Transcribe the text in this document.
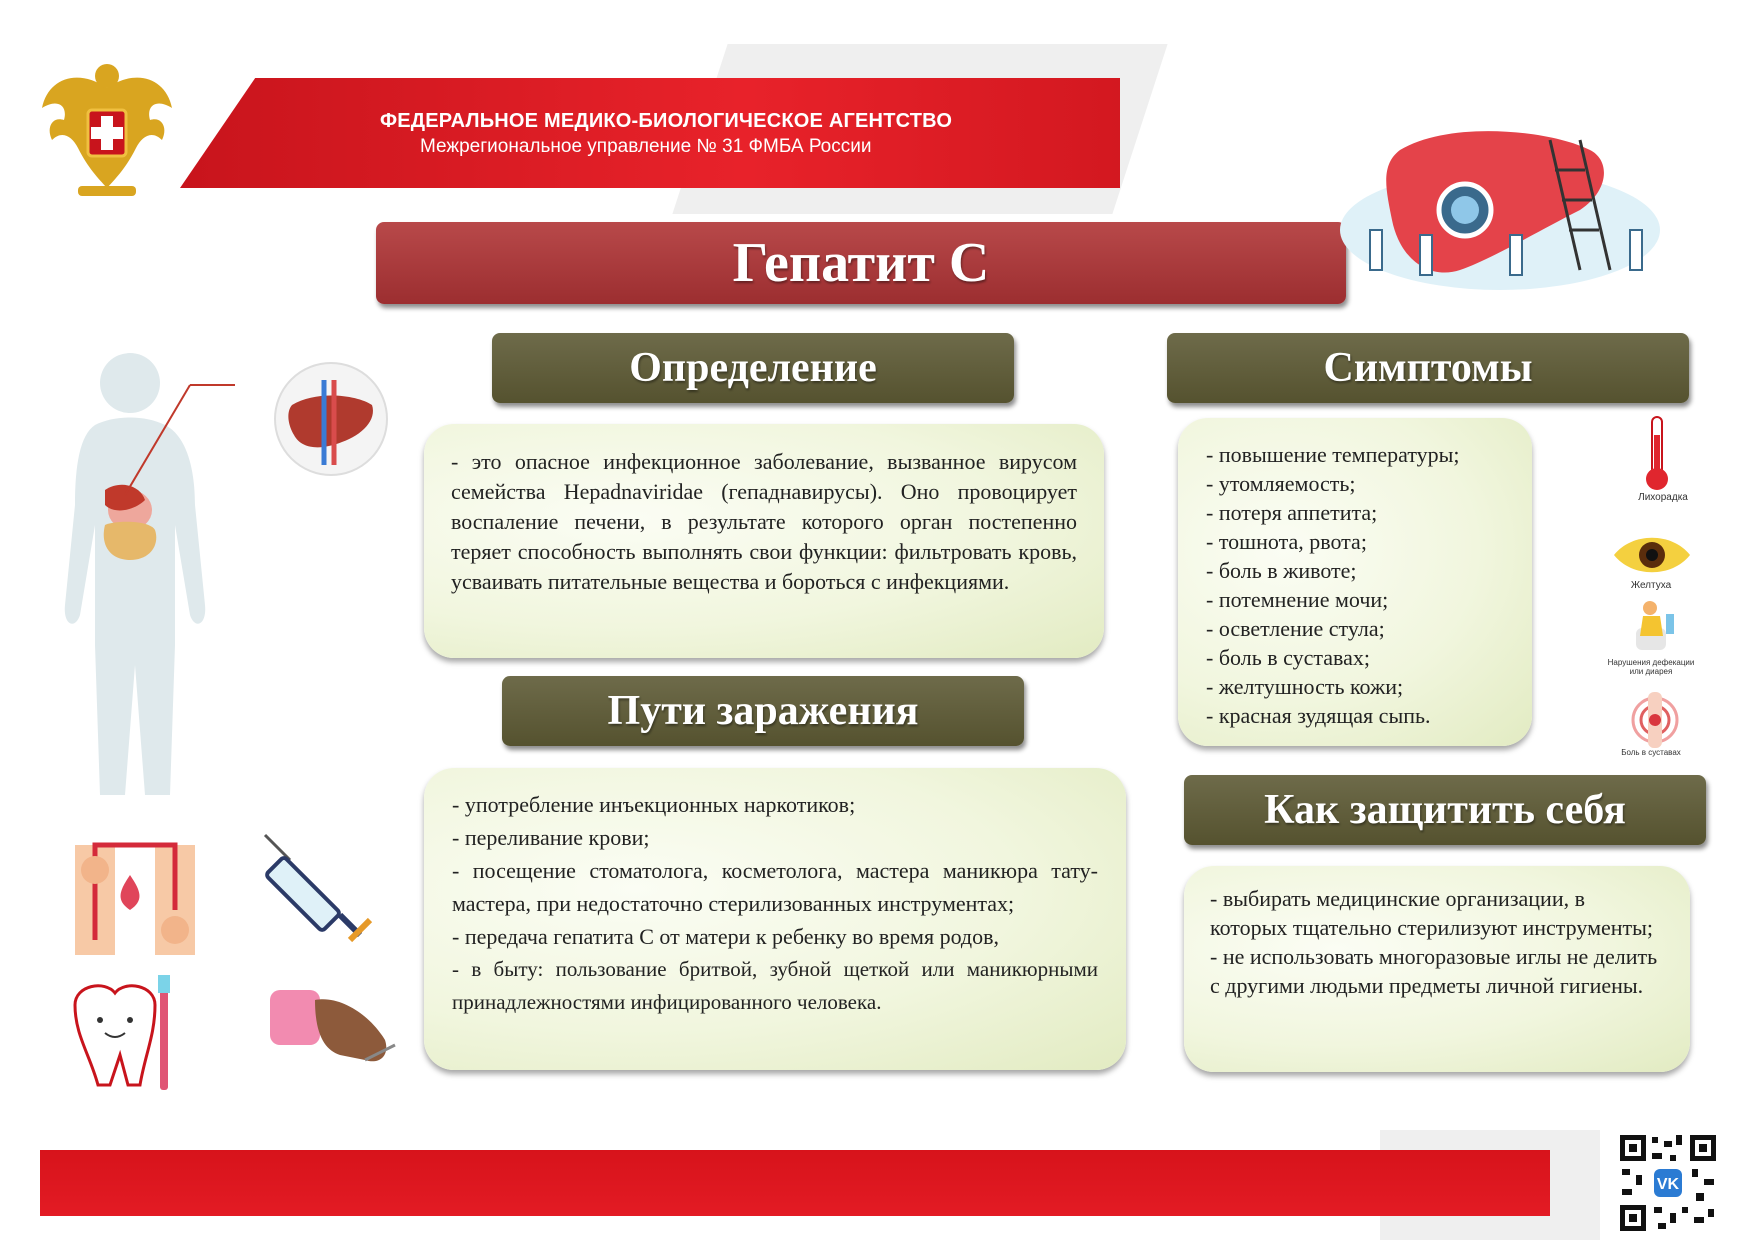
ФЕДЕРАЛЬНОЕ МЕДИКО-БИОЛОГИЧЕСКОЕ АГЕНТСТВО
Межрегиональное управление № 31 ФМБА России
Гепатит С
Определение

- это опасное инфекционное заболевание, вызванное вирусом семейства Hepadnaviridae (гепаднавирусы). Оно провоцирует воспаление печени, в результате которого орган постепенно теряет способность выполнять свои функции: фильтровать кровь, усваивать питательные вещества и бороться с инфекциями.

Пути заражения

- употребление инъекционных наркотиков;

- переливание крови;

- посещение стоматолога, косметолога, мастера маникюра тату-мастера, при недостаточно стерилизованных инструментах;

- передача гепатита С от матери к ребенку во время родов,

- в быту: пользование бритвой, зубной щеткой или маникюрными принадлежностями инфицированного человека.

Симптомы
- повышение температуры;
- утомляемость;
- потеря аппетита;
- тошнота, рвота;
- боль в животе;
- потемнение мочи;
- осветление стула;
- боль в суставах;
- желтушность кожи;
- красная зудящая сыпь.
Лихорадка
Желтуха
Нарушения дефекации или диарея
Боль в суставах
Как защитить себя

- выбирать медицинские организации, в которых тщательно стерилизуют инструменты;

- не использовать многоразовые иглы не делить с другими людьми предметы личной гигиены.

VK
